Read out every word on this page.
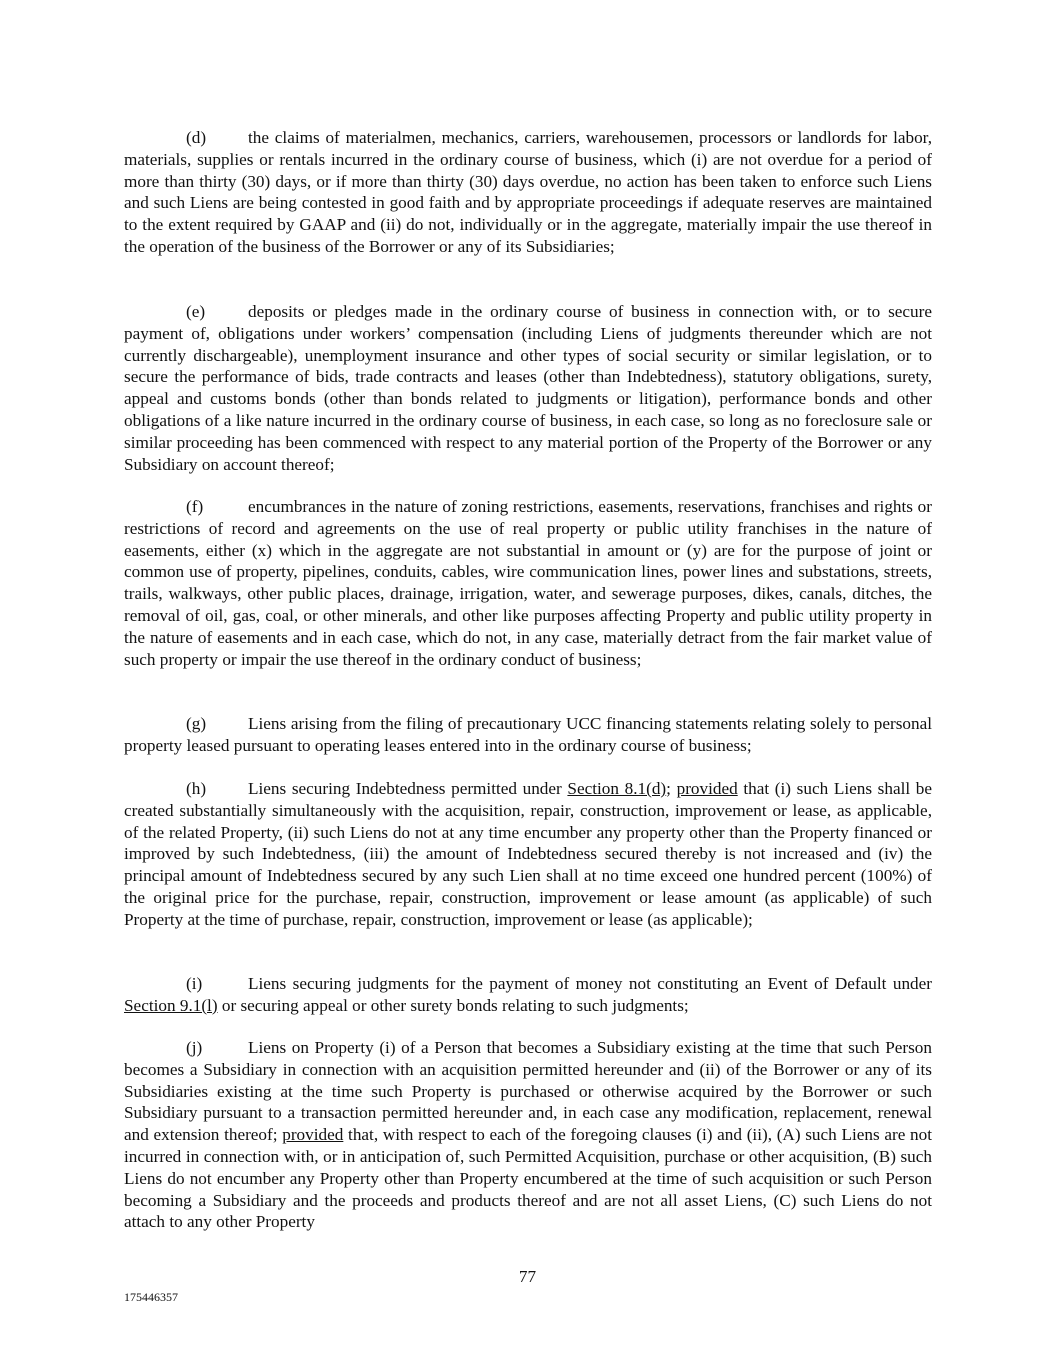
(d) the claims of materialmen, mechanics, carriers, warehousemen, processors or landlords for labor, materials, supplies or rentals incurred in the ordinary course of business, which (i) are not overdue for a period of more than thirty (30) days, or if more than thirty (30) days overdue, no action has been taken to enforce such Liens and such Liens are being contested in good faith and by appropriate proceedings if adequate reserves are maintained to the extent required by GAAP and (ii) do not, individually or in the aggregate, materially impair the use thereof in the operation of the business of the Borrower or any of its Subsidiaries;

(e) deposits or pledges made in the ordinary course of business in connection with, or to secure payment of, obligations under workers’ compensation (including Liens of judgments thereunder which are not currently dischargeable), unemployment insurance and other types of social security or similar legislation, or to secure the performance of bids, trade contracts and leases (other than Indebtedness), statutory obligations, surety, appeal and customs bonds (other than bonds related to judgments or litigation), performance bonds and other obligations of a like nature incurred in the ordinary course of business, in each case, so long as no foreclosure sale or similar proceeding has been commenced with respect to any material portion of the Property of the Borrower or any Subsidiary on account thereof;

(f)	encumbrances in the nature of zoning restrictions, easements, reservations, franchises and rights or restrictions of record and agreements on the use of real property or public utility franchises in the nature of easements, either (x) which in the aggregate are not substantial in amount or (y) are for the purpose of joint or common use of property, pipelines, conduits, cables, wire communication lines, power lines and substations, streets, trails, walkways, other public places, drainage, irrigation, water, and sewerage purposes, dikes, canals, ditches, the removal of oil, gas, coal, or other minerals, and other like purposes affecting Property and public utility property in the nature of easements and in each case, which do not, in any case, materially detract from the fair market value of such property or impair the use thereof in the ordinary conduct of business;

(g) Liens arising from the filing of precautionary UCC financing statements relating solely to personal property leased pursuant to operating leases entered into in the ordinary course of business;

(h) Liens securing Indebtedness permitted under Section 8.1(d); provided that (i) such Liens shall be created substantially simultaneously with the acquisition, repair, construction, improvement or lease, as applicable, of the related Property, (ii) such Liens do not at any time encumber any property other than the Property financed or improved by such Indebtedness, (iii) the amount of Indebtedness secured thereby is not increased and (iv) the principal amount of Indebtedness secured by any such Lien shall at no time exceed one hundred percent (100%) of the original price for the purchase, repair, construction, improvement or lease amount (as applicable) of such Property at the time of purchase, repair, construction, improvement or lease (as applicable);

(i)	Liens securing judgments for the payment of money not constituting an Event of Default under Section 9.1(l) or securing appeal or other surety bonds relating to such judgments;

(j)	Liens on Property (i) of a Person that becomes a Subsidiary existing at the time that such Person becomes a Subsidiary in connection with an acquisition permitted hereunder and (ii) of the Borrower or any of its Subsidiaries existing at the time such Property is purchased or otherwise acquired by the Borrower or such Subsidiary pursuant to a transaction permitted hereunder and, in each case any modification, replacement, renewal and extension thereof; provided that, with respect to each of the foregoing clauses (i) and (ii), (A) such Liens are not incurred in connection with, or in anticipation of, such Permitted Acquisition, purchase or other acquisition, (B) such Liens do not encumber any Property other than Property encumbered at the time of such acquisition or such Person becoming a Subsidiary and the proceeds and products thereof and are not all asset Liens, (C) such Liens do not attach to any other Property

77
175446357
